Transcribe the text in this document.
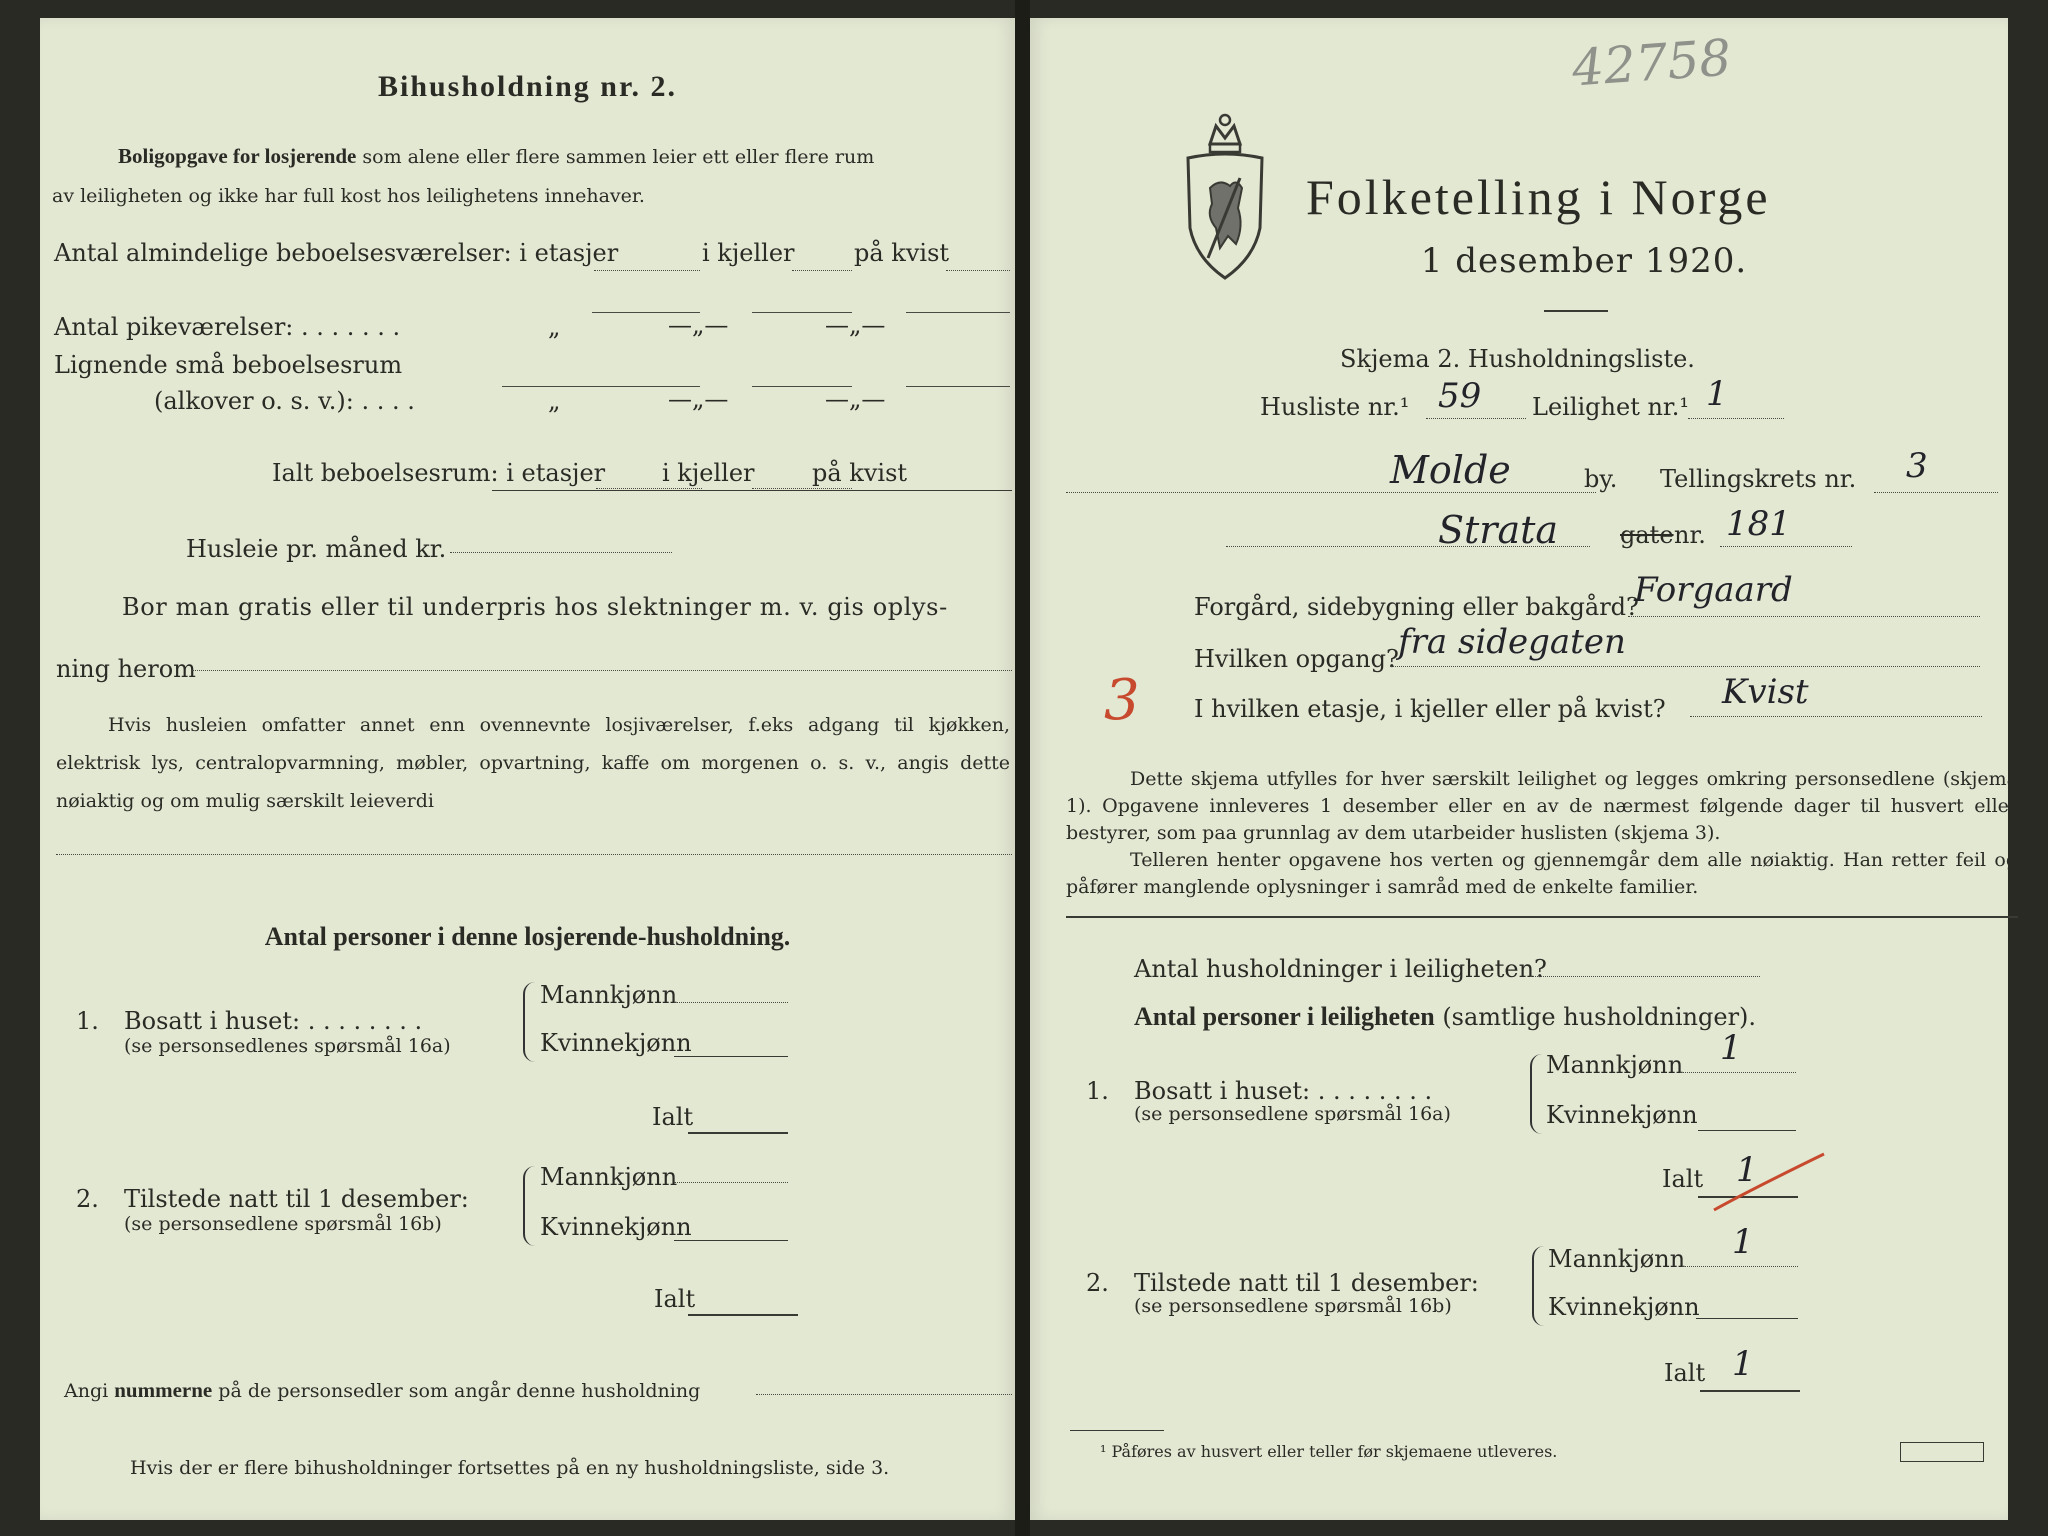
Bihusholdning nr. 2.
Boligopgave for losjerende som alene eller flere sammen leier ett eller flere rum
av leiligheten og ikke har full kost hos leilighetens innehaver.
Antal almindelige beboelsesværelser: i etasjer	i kjeller på kvist
Antal pikeværelser: . . . . . . .	„	—„—	—„—
Lignende små beboelsesrum
(alkover o. s. v.): . . . .	„	—„—	—„—
Ialt beboelsesrum: i etasjer i kjeller på kvist
Husleie pr. måned kr.
Bor man gratis eller til underpris hos slektninger m. v. gis oplys-
ning herom
Hvis husleien omfatter annet enn ovennevnte losjiværelser, f.eks adgang til kjøkken, elektrisk lys, centralopvarmning, møbler, opvartning, kaffe om morgenen o. s. v., angis dette nøiaktig og om mulig særskilt leieverdi
Antal personer i denne losjerende-husholdning.
1. Bosatt i huset: . . . . . . . .
(se personsedlenes spørsmål 16a)
Mannkjønn
Kvinnekjønn
Ialt
2. Tilstede natt til 1 desember:
(se personsedlene spørsmål 16b)
Mannkjønn
Kvinnekjønn
Ialt
Angi nummerne på de personsedler som angår denne husholdning
Hvis der er flere bihusholdninger fortsettes på en ny husholdningsliste, side 3.
42758
Folketelling i Norge
1 desember 1920.
Skjema 2. Husholdningsliste.
Husliste nr.¹ 59 Leilighet nr.¹ 1
Molde	by. Tellingskrets nr. 3
Strata	gate nr. 181
Forgård, sidebygning eller bakgård?
Forgaard
Hvilken opgang? fra sidegaten
3 I hvilken etasje, i kjeller eller på kvist? Kvist
Dette skjema utfylles for hver særskilt leilighet og legges omkring personsedlene (skjema 1). Opgavene innleveres 1 desember eller en av de nærmest følgende dager til husvert eller bestyrer, som paa grunnlag av dem utarbeider huslisten (skjema 3).
Telleren henter opgavene hos verten og gjennemgår dem alle nøiaktig. Han retter feil og påfører manglende oplysninger i samråd med de enkelte familier.
Antal husholdninger i leiligheten?
Antal personer i leiligheten (samtlige husholdninger).
1. Bosatt i huset: . . . . . . . .
(se personsedlene spørsmål 16a)
Mannkjønn 1
Kvinnekjønn
Ialt 1
2. Tilstede natt til 1 desember:
(se personsedlene spørsmål 16b)
Mannkjønn 1
Kvinnekjønn
Ialt 1
¹ Påføres av husvert eller teller før skjemaene utleveres.
